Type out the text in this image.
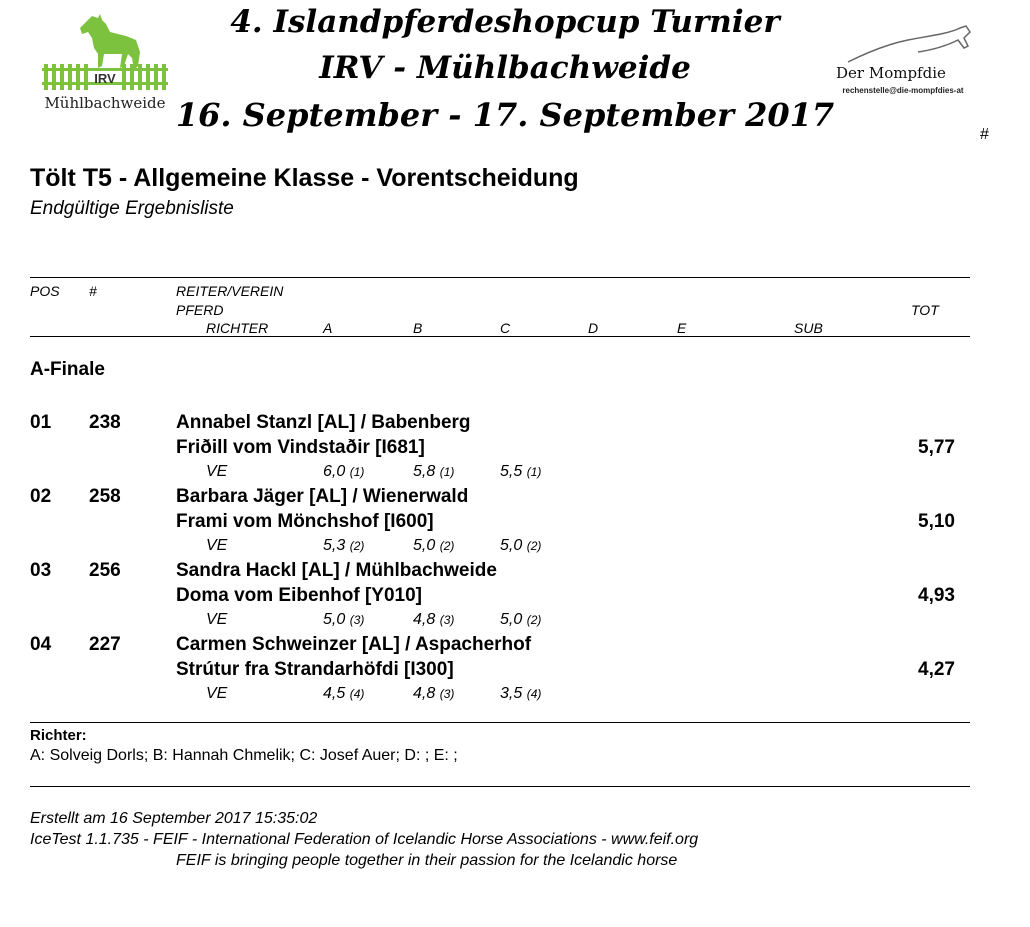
IRV
Mühlbachweide
4. Islandpferdeshopcup Turnier
IRV - Mühlbachweide
16. September - 17. September 2017
Der Mompfdie
rechenstelle@die-mompfdies-at
#
Tölt T5 - Allgemeine Klasse - Vorentscheidung
Endgültige Ergebnisliste
POS #	REITER/VEREIN
PFERD	TOT
RICHTER	A	B	C	D	E	SUB
A-Finale
01 238	Annabel Stanzl [AL] / Babenberg
Friðill vom Vindstaðir [I681]	5,77
VE	6,0 (1)	5,8 (1)	5,5 (1)
02 258	Barbara Jäger [AL] / Wienerwald
Frami vom Mönchshof [I600]	5,10
VE	5,3 (2)	5,0 (2)	5,0 (2)
03 256	Sandra Hackl [AL] / Mühlbachweide
Doma vom Eibenhof [Y010]	4,93
VE	5,0 (3)	4,8 (3)	5,0 (2)
04 227	Carmen Schweinzer [AL] / Aspacherhof
Strútur fra Strandarhöfdi [I300]	4,27
VE	4,5 (4)	4,8 (3)	3,5 (4)
Richter:
A: Solveig Dorls; B: Hannah Chmelik; C: Josef Auer; D: ; E: ;
Erstellt am 16 September 2017 15:35:02
IceTest 1.1.735 - FEIF - International Federation of Icelandic Horse Associations - www.feif.org
FEIF is bringing people together in their passion for the Icelandic horse
